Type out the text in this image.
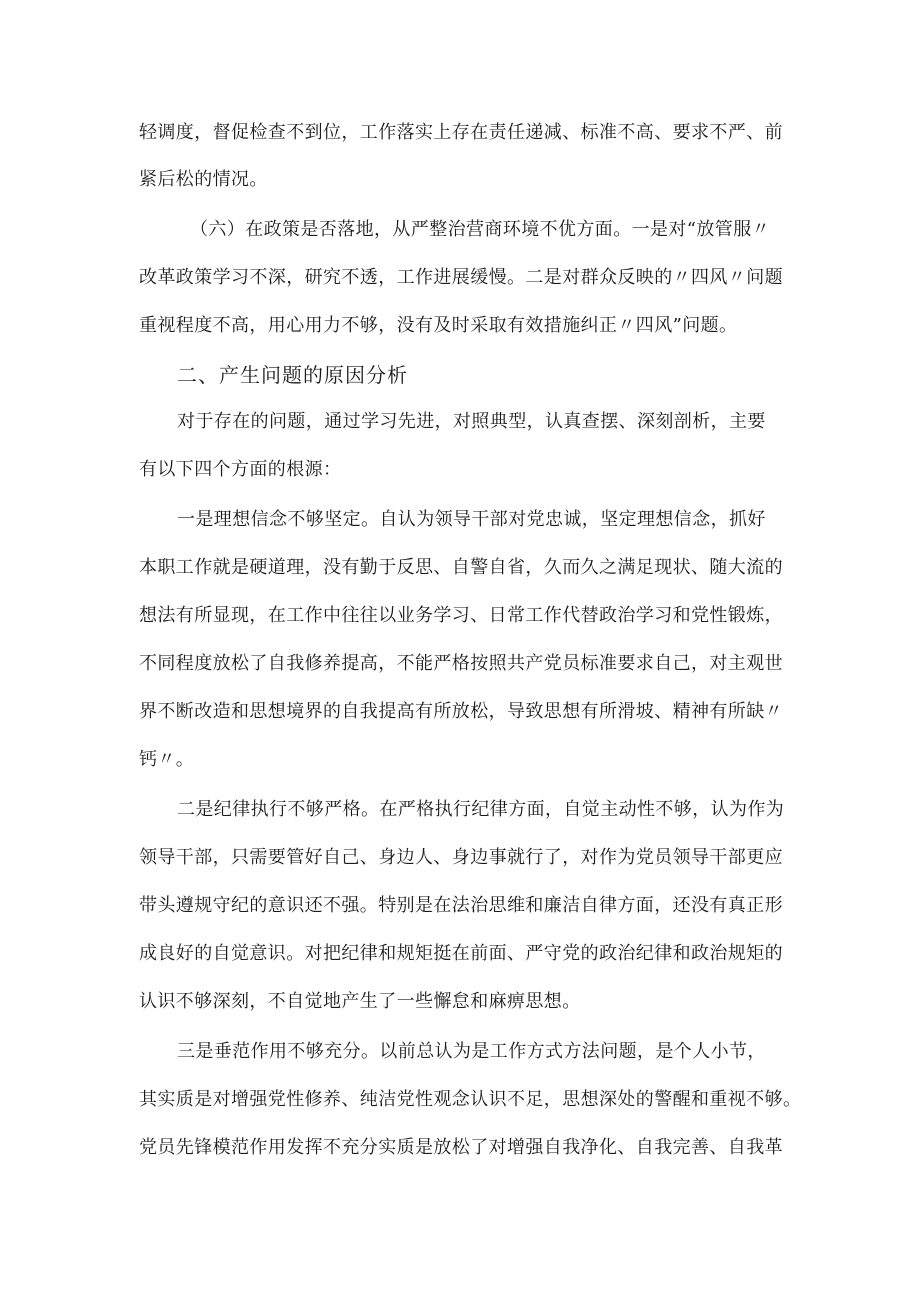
轻调度，督促检查不到位，工作落实上存在责任递减、标准不高、要求不严、前
紧后松的情况。
（六）在政策是否落地，从严整治营商环境不优方面。一是对“放管服〃
改革政策学习不深，研究不透，工作进展缓慢。二是对群众反映的〃四风〃问题
重视程度不高，用心用力不够，没有及时采取有效措施纠正〃四风”问题。
二、产生问题的原因分析
对于存在的问题，通过学习先进，对照典型，认真查摆、深刻剖析，主要
有以下四个方面的根源：
一是理想信念不够坚定。自认为领导干部对党忠诚，坚定理想信念，抓好
本职工作就是硬道理，没有勤于反思、自警自省，久而久之满足现状、随大流的
想法有所显现，在工作中往往以业务学习、日常工作代替政治学习和党性锻炼，
不同程度放松了自我修养提高，不能严格按照共产党员标准要求自己，对主观世
界不断改造和思想境界的自我提高有所放松，导致思想有所滑坡、精神有所缺〃
钙〃。
二是纪律执行不够严格。在严格执行纪律方面，自觉主动性不够，认为作为
领导干部，只需要管好自己、身边人、身边事就行了，对作为党员领导干部更应
带头遵规守纪的意识还不强。特别是在法治思维和廉洁自律方面，还没有真正形
成良好的自觉意识。对把纪律和规矩挺在前面、严守党的政治纪律和政治规矩的
认识不够深刻，不自觉地产生了一些懈怠和麻痹思想。
三是垂范作用不够充分。以前总认为是工作方式方法问题，是个人小节，
其实质是对增强党性修养、纯洁党性观念认识不足，思想深处的警醒和重视不够。
党员先锋模范作用发挥不充分实质是放松了对增强自我净化、自我完善、自我革
